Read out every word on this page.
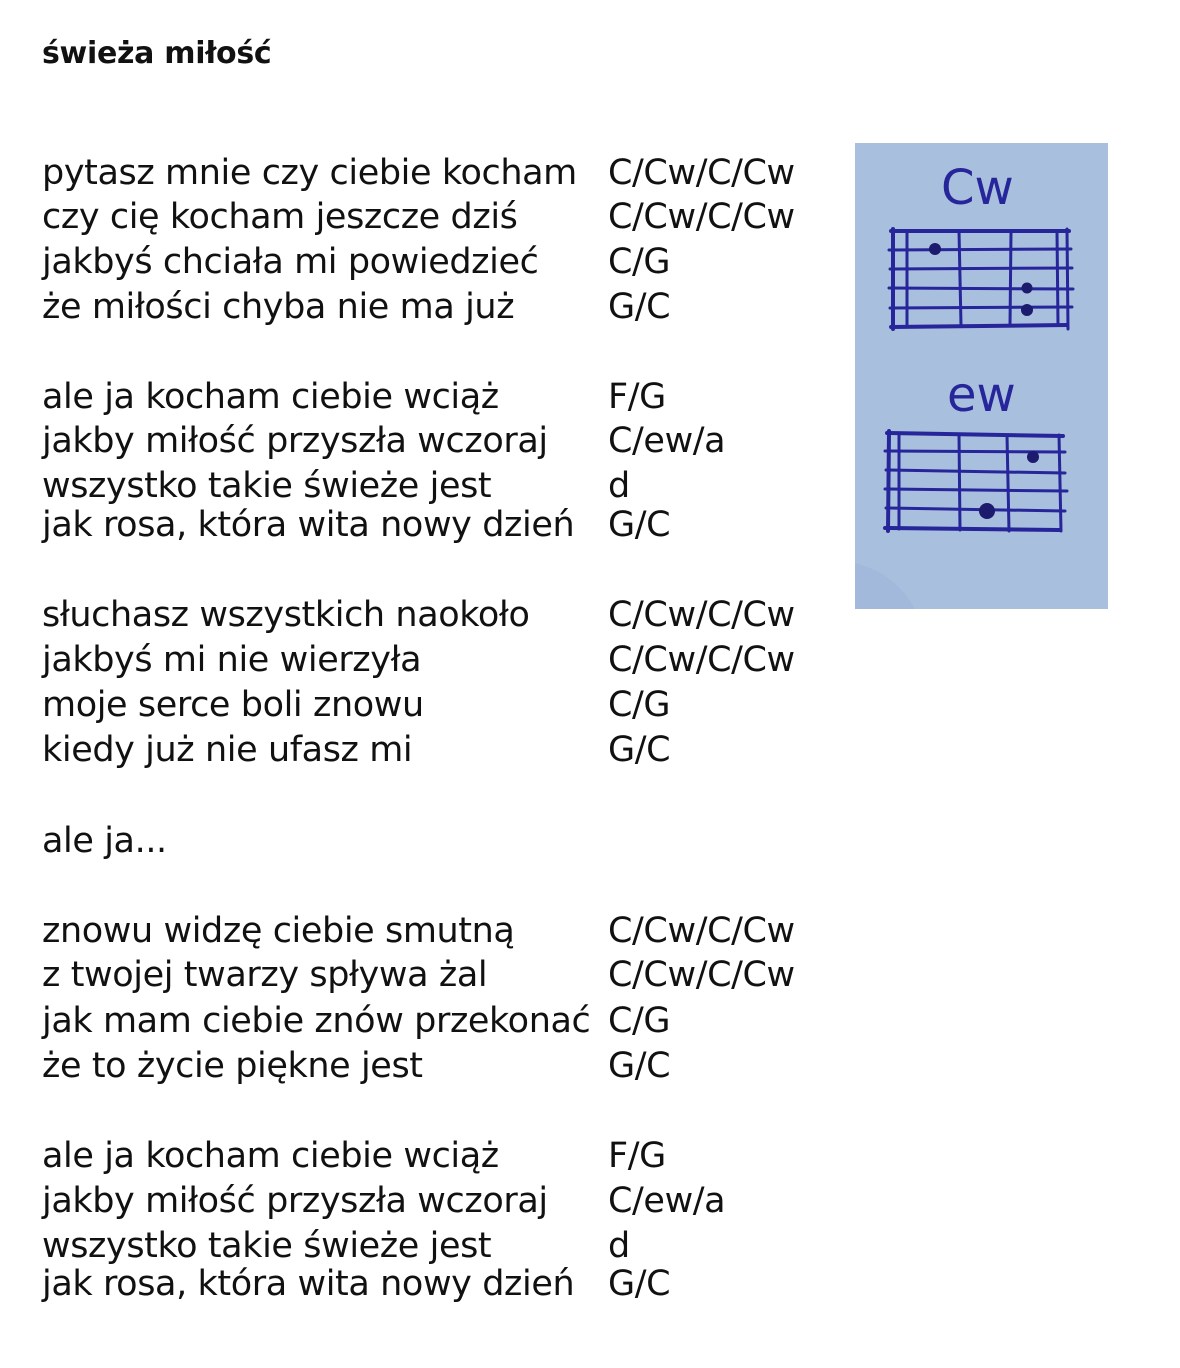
świeża miłość
pytasz mnie czy ciebie kocham C/Cw/C/Cw
czy cię kocham jeszcze dziś	C/Cw/C/Cw
jakbyś chciała mi powiedzieć C/G
że miłości chyba nie ma już	G/C
ale ja kocham ciebie wciąż	F/G
jakby miłość przyszła wczoraj C/ew/a
wszystko takie świeże jest	d
jak rosa, która wita nowy dzień G/C
słuchasz wszystkich naokoło C/Cw/C/Cw
jakbyś mi nie wierzyła	C/Cw/C/Cw
moje serce boli znowu	C/G
kiedy już nie ufasz mi	G/C
ale ja...
znowu widzę ciebie smutną	C/Cw/C/Cw
z twojej twarzy spływa żal	C/Cw/C/Cw
jak mam ciebie znów przekonać C/G
że to życie piękne jest	G/C
ale ja kocham ciebie wciąż	F/G
jakby miłość przyszła wczoraj C/ew/a
wszystko takie świeże jest	d
jak rosa, która wita nowy dzień G/C
Cw
ew
